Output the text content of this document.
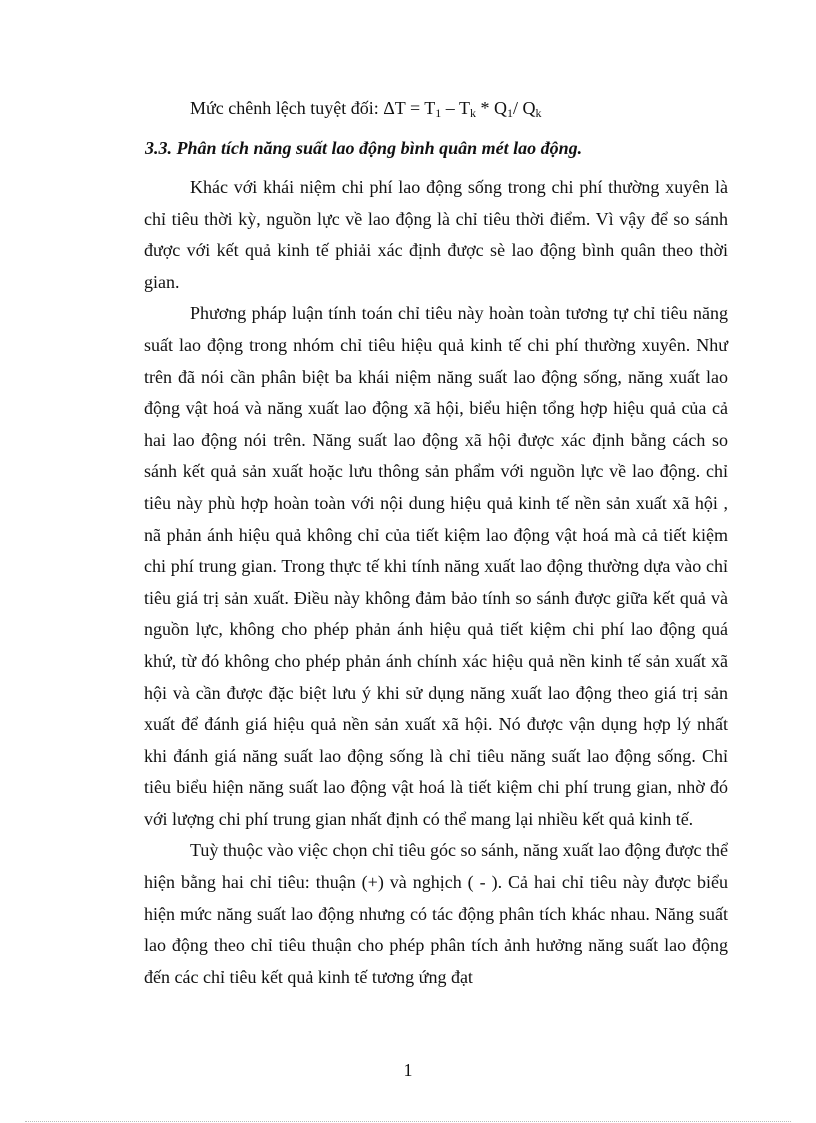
Mức chênh lệch tuyệt đối: $\Delta T = T_1 - T_k * Q_1/$ $Q_k$
3.3. Phân tích năng suất lao động bình quân mét lao động.

Khác với khái niệm chi phí lao động sống trong chi phí thường xuyên là chỉ tiêu thời kỳ, nguồn lực về lao động là chỉ tiêu thời điểm. Vì vậy để so sánh được với kết quả kinh tế phiải xác định được sè lao động bình quân theo thời gian.

Phương pháp luận tính toán chỉ tiêu này hoàn toàn tương tự chỉ tiêu năng suất lao động trong nhóm chỉ tiêu hiệu quả kinh tế chi phí thường xuyên. Như trên đã nói cần phân biệt ba khái niệm năng suất lao động sống, năng xuất lao động vật hoá và năng xuất lao động xã hội, biểu hiện tổng hợp hiệu quả của cả hai lao động nói trên. Năng suất lao động xã hội được xác định bằng cách so sánh kết quả sản xuất hoặc lưu thông sản phẩm với nguồn lực về lao động. chỉ tiêu này phù hợp hoàn toàn với nội dung hiệu quả kinh tế nền sản xuất xã hội , nã phản ánh hiệu quả không chỉ của tiết kiệm lao động vật hoá mà cả tiết kiệm chi phí trung gian. Trong thực tế khi tính năng xuất lao động thường dựa vào chỉ tiêu giá trị sản xuất. Điều này không đảm bảo tính so sánh được giữa kết quả và nguồn lực, không cho phép phản ánh hiệu quả tiết kiệm chi phí lao động quá khứ, từ đó không cho phép phản ánh chính xác hiệu quả nền kinh tế sản xuất xã hội và cần được đặc biệt lưu ý khi sử dụng năng xuất lao động theo giá trị sản xuất để đánh giá hiệu quả nền sản xuất xã hội. Nó được vận dụng hợp lý nhất khi đánh giá năng suất lao động sống là chỉ tiêu năng suất lao động sống. Chỉ tiêu biểu hiện năng suất lao động vật hoá là tiết kiệm chi phí trung gian, nhờ đó với lượng chi phí trung gian nhất định có thể mang lại nhiều kết quả kinh tế.

Tuỳ thuộc vào việc chọn chỉ tiêu góc so sánh, năng xuất lao động được thể hiện bằng hai chỉ tiêu: thuận (+) và nghịch ( - ). Cả hai chỉ tiêu này được biểu hiện mức năng suất lao động nhưng có tác động phân tích khác nhau. Năng suất lao động theo chỉ tiêu thuận cho phép phân tích ảnh hưởng năng suất lao động đến các chỉ tiêu kết quả kinh tế tương ứng đạt

1
